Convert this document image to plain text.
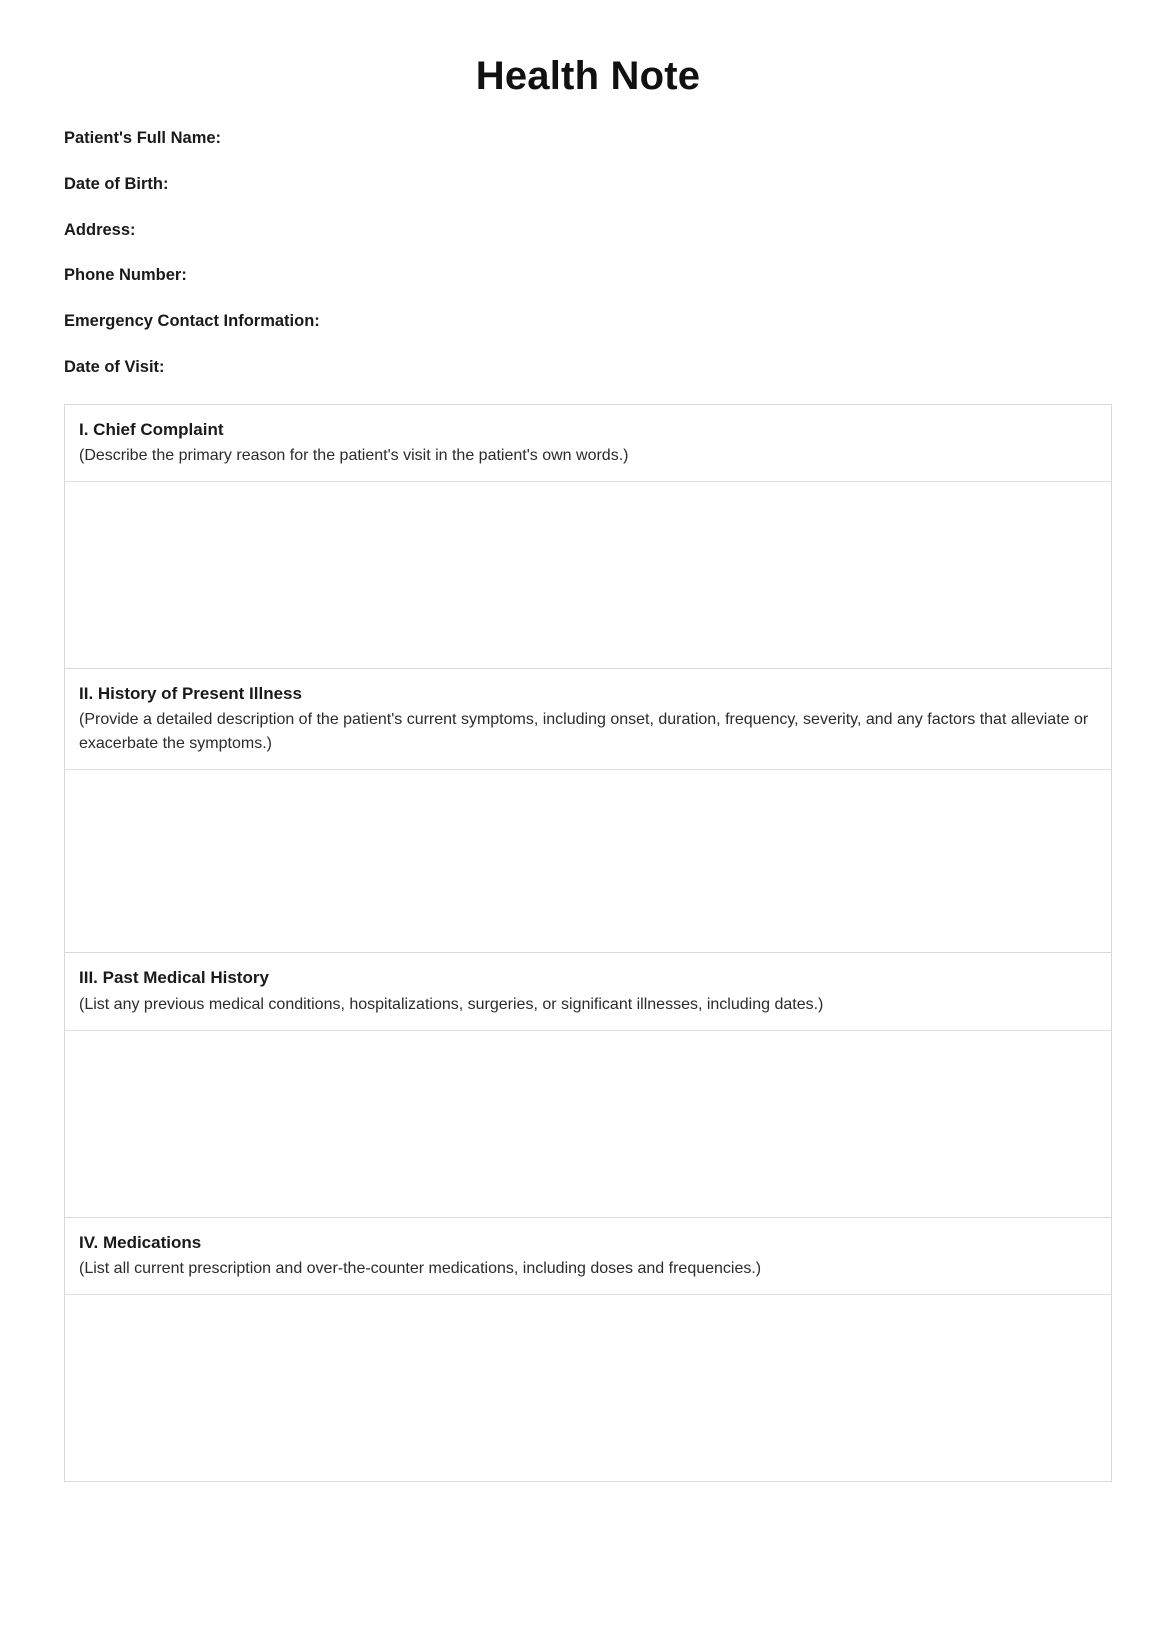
Health Note
Patient's Full Name:
Date of Birth:
Address:
Phone Number:
Emergency Contact Information:
Date of Visit:
I. Chief Complaint
(Describe the primary reason for the patient's visit in the patient's own words.)
II. History of Present Illness
(Provide a detailed description of the patient's current symptoms, including onset, duration, frequency, severity, and any factors that alleviate or exacerbate the symptoms.)
III. Past Medical History
(List any previous medical conditions, hospitalizations, surgeries, or significant illnesses, including dates.)
IV. Medications
(List all current prescription and over-the-counter medications, including doses and frequencies.)
